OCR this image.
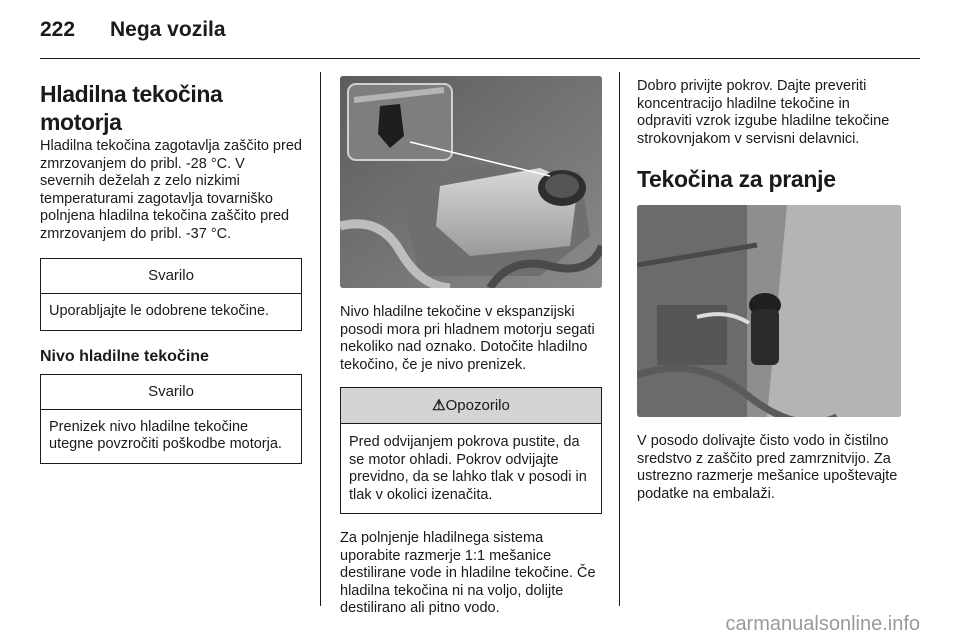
222 Nega vozila
Hladilna tekočina motorja

Hladilna tekočina zagotavlja zaščito pred zmrzovanjem do pribl. -28 °C. V severnih deželah z zelo nizkimi temperaturami zagotavlja tovarniško polnjena hladilna tekočina zaščito pred zmrzovanjem do pribl. -37 °C.

Svarilo
Uporabljajte le odobrene tekočine.
Nivo hladilne tekočine
Svarilo
Prenizek nivo hladilne tekočine utegne povzročiti poškodbe motorja.

Nivo hladilne tekočine v ekspanzijski posodi mora pri hladnem motorju segati nekoliko nad oznako. Dotočite hladilno tekočino, če je nivo prenizek.

⚠Opozorilo
Pred odvijanjem pokrova pustite, da se motor ohladi. Pokrov odvijajte previdno, da se lahko tlak v posodi in tlak v okolici izenačita.

Za polnjenje hladilnega sistema uporabite razmerje 1:1 mešanice destilirane vode in hladilne tekočine. Če hladilna tekočina ni na voljo, dolijte destilirano ali pitno vodo.

Dobro privijte pokrov. Dajte preveriti koncentracijo hladilne tekočine in odpraviti vzrok izgube hladilne tekočine strokovnjakom v servisni delavnici.

Tekočina za pranje

V posodo dolivajte čisto vodo in čistilno sredstvo z zaščito pred zamrznitvijo. Za ustrezno razmerje mešanice upoštevajte podatke na embalaži.

carmanualsonline.info
